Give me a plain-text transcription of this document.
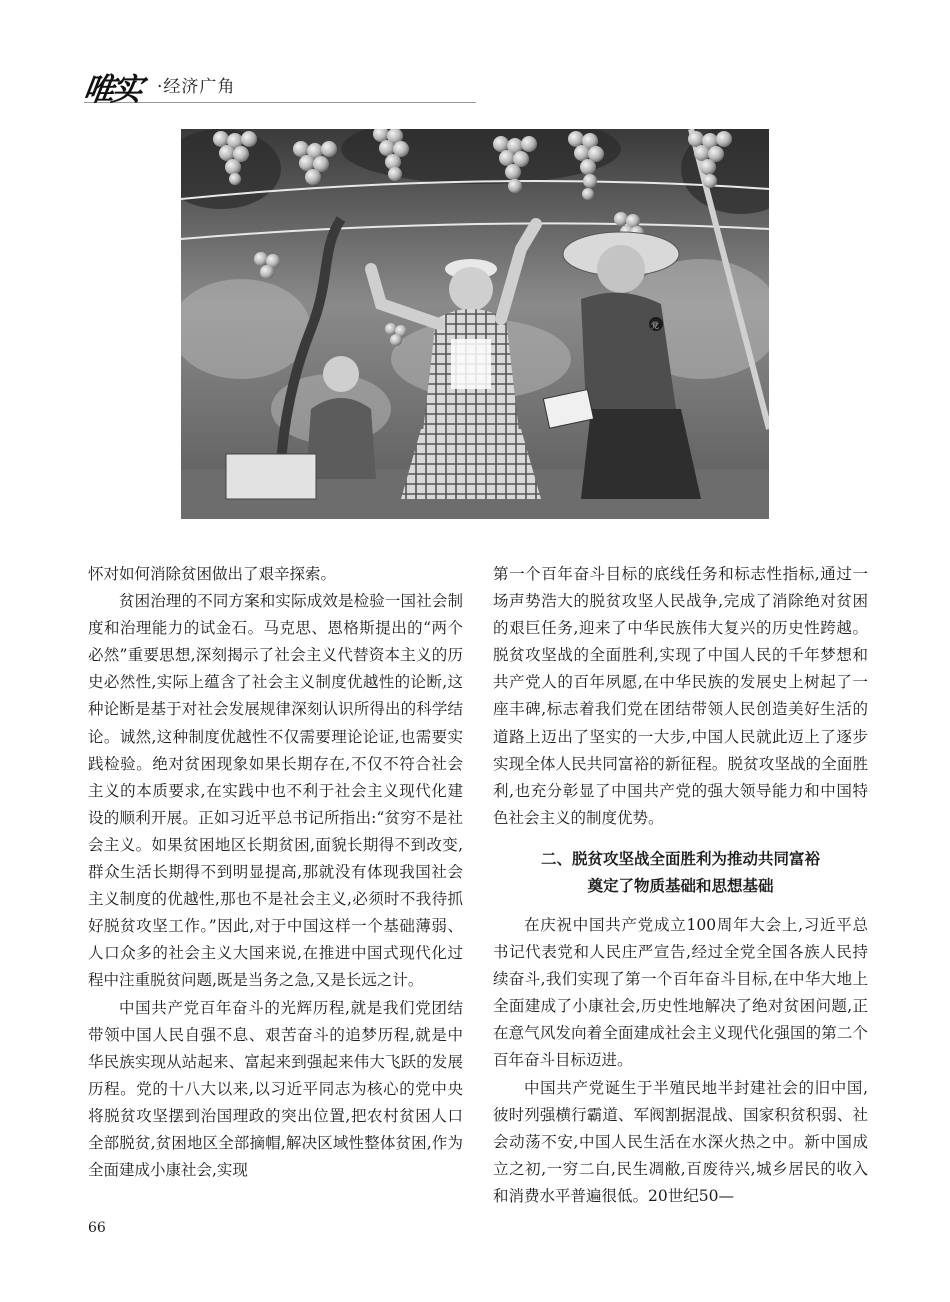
唯实 ·经济广角
党

怀对如何消除贫困做出了艰辛探索。

贫困治理的不同方案和实际成效是检验一国社会制度和治理能力的试金石。马克思、恩格斯提出的“两个必然”重要思想,深刻揭示了社会主义代替资本主义的历史必然性,实际上蕴含了社会主义制度优越性的论断,这种论断是基于对社会发展规律深刻认识所得出的科学结论。诚然,这种制度优越性不仅需要理论论证,也需要实践检验。绝对贫困现象如果长期存在,不仅不符合社会主义的本质要求,在实践中也不利于社会主义现代化建设的顺利开展。正如习近平总书记所指出:“贫穷不是社会主义。如果贫困地区长期贫困,面貌长期得不到改变,群众生活长期得不到明显提高,那就没有体现我国社会主义制度的优越性,那也不是社会主义,必须时不我待抓好脱贫攻坚工作。”因此,对于中国这样一个基础薄弱、人口众多的社会主义大国来说,在推进中国式现代化过程中注重脱贫问题,既是当务之急,又是长远之计。

中国共产党百年奋斗的光辉历程,就是我们党团结带领中国人民自强不息、艰苦奋斗的追梦历程,就是中华民族实现从站起来、富起来到强起来伟大飞跃的发展历程。党的十八大以来,以习近平同志为核心的党中央将脱贫攻坚摆到治国理政的突出位置,把农村贫困人口全部脱贫,贫困地区全部摘帽,解决区域性整体贫困,作为全面建成小康社会,实现

第一个百年奋斗目标的底线任务和标志性指标,通过一场声势浩大的脱贫攻坚人民战争,完成了消除绝对贫困的艰巨任务,迎来了中华民族伟大复兴的历史性跨越。脱贫攻坚战的全面胜利,实现了中国人民的千年梦想和共产党人的百年夙愿,在中华民族的发展史上树起了一座丰碑,标志着我们党在团结带领人民创造美好生活的道路上迈出了坚实的一大步,中国人民就此迈上了逐步实现全体人民共同富裕的新征程。脱贫攻坚战的全面胜利,也充分彰显了中国共产党的强大领导能力和中国特色社会主义的制度优势。

二、脱贫攻坚战全面胜利为推动共同富裕
奠定了物质基础和思想基础

在庆祝中国共产党成立100周年大会上,习近平总书记代表党和人民庄严宣告,经过全党全国各族人民持续奋斗,我们实现了第一个百年奋斗目标,在中华大地上全面建成了小康社会,历史性地解决了绝对贫困问题,正在意气风发向着全面建成社会主义现代化强国的第二个百年奋斗目标迈进。

中国共产党诞生于半殖民地半封建社会的旧中国,彼时列强横行霸道、军阀割据混战、国家积贫积弱、社会动荡不安,中国人民生活在水深火热之中。新中国成立之初,一穷二白,民生凋敝,百废待兴,城乡居民的收入和消费水平普遍很低。20世纪50—

66
